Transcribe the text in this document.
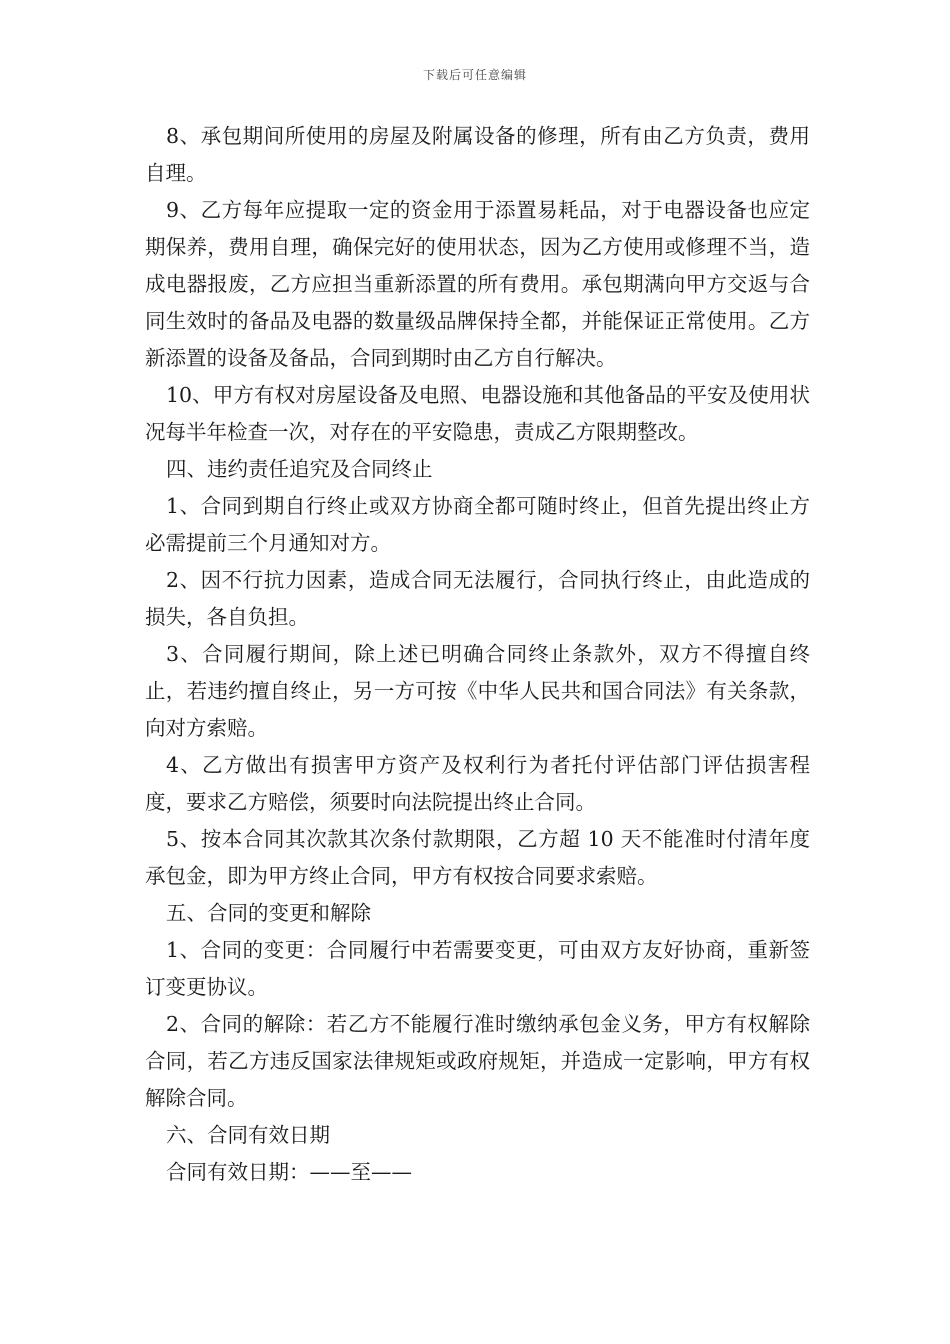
下载后可任意编辑

8、承包期间所使用的房屋及附属设备的修理，所有由乙方负责，费用自理。

9、乙方每年应提取一定的资金用于添置易耗品，对于电器设备也应定期保养，费用自理，确保完好的使用状态，因为乙方使用或修理不当，造成电器报废，乙方应担当重新添置的所有费用。承包期满向甲方交返与合同生效时的备品及电器的数量级品牌保持全都，并能保证正常使用。乙方新添置的设备及备品，合同到期时由乙方自行解决。

10、甲方有权对房屋设备及电照、电器设施和其他备品的平安及使用状况每半年检查一次，对存在的平安隐患，责成乙方限期整改。

四、违约责任追究及合同终止

1、合同到期自行终止或双方协商全都可随时终止，但首先提出终止方必需提前三个月通知对方。

2、因不行抗力因素，造成合同无法履行，合同执行终止，由此造成的损失，各自负担。

3、合同履行期间，除上述已明确合同终止条款外，双方不得擅自终止，若违约擅自终止，另一方可按《中华人民共和国合同法》有关条款，向对方索赔。

4、乙方做出有损害甲方资产及权利行为者托付评估部门评估损害程度，要求乙方赔偿，须要时向法院提出终止合同。

5、按本合同其次款其次条付款期限，乙方超 10 天不能准时付清年度承包金，即为甲方终止合同，甲方有权按合同要求索赔。

五、合同的变更和解除

1、合同的变更：合同履行中若需要变更，可由双方友好协商，重新签订变更协议。

2、合同的解除：若乙方不能履行准时缴纳承包金义务，甲方有权解除合同，若乙方违反国家法律规矩或政府规矩，并造成一定影响，甲方有权解除合同。

六、合同有效日期

合同有效日期：——至——
